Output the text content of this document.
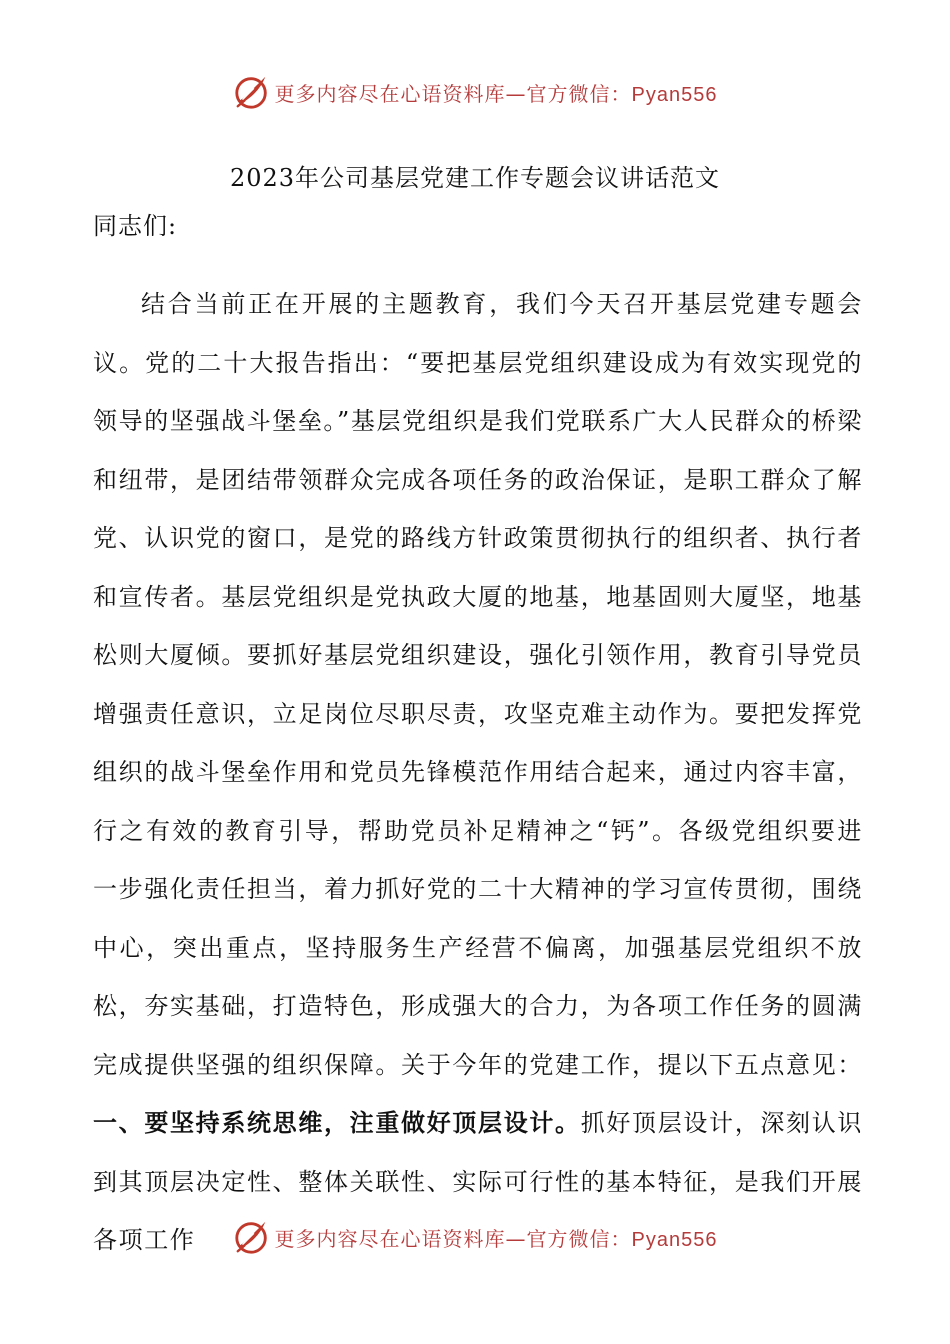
更多内容尽在心语资料库—官方微信：Pyan556
2023年公司基层党建工作专题会议讲话范文
同志们:

结合当前正在开展的主题教育，我们今天召开基层党建专题会议。党的二十大报告指出：“要把基层党组织建设成为有效实现党的领导的坚强战斗堡垒。”基层党组织是我们党联系广大人民群众的桥梁和纽带，是团结带领群众完成各项任务的政治保证，是职工群众了解党、认识党的窗口，是党的路线方针政策贯彻执行的组织者、执行者和宣传者。基层党组织是党执政大厦的地基，地基固则大厦坚，地基松则大厦倾。要抓好基层党组织建设，强化引领作用，教育引导党员增强责任意识，立足岗位尽职尽责，攻坚克难主动作为。要把发挥党组织的战斗堡垒作用和党员先锋模范作用结合起来，通过内容丰富，行之有效的教育引导，帮助党员补足精神之“钙”。各级党组织要进一步强化责任担当，着力抓好党的二十大精神的学习宣传贯彻，围绕中心，突出重点，坚持服务生产经营不偏离，加强基层党组织不放松，夯实基础，打造特色，形成强大的合力，为各项工作任务的圆满完成提供坚强的组织保障。关于今年的党建工作，提以下五点意见：一、要坚持系统思维，注重做好顶层设计。抓好顶层设计，深刻认识到其顶层决定性、整体关联性、实际可行性的基本特征，是我们开展各项工作	更多内容尽在心语资料库—官方微信：Pyan556
